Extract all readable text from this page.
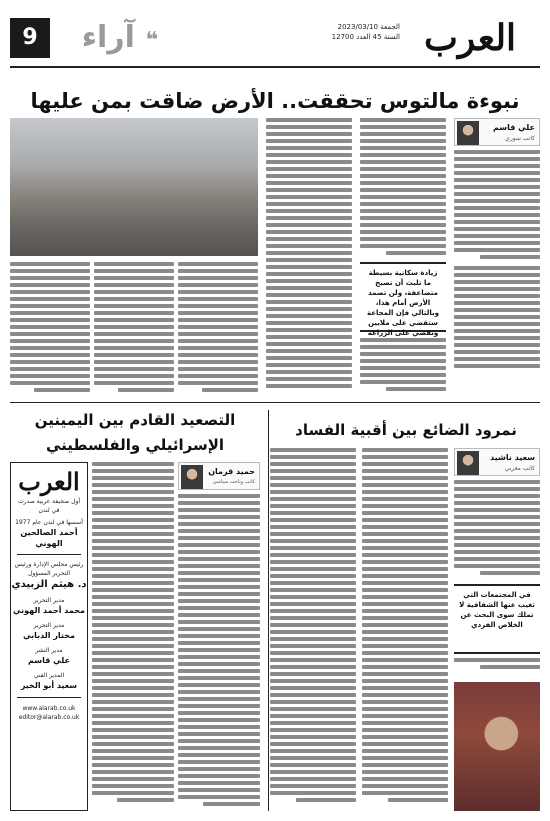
العرب
الجمعة 2023/03/10
السنة 45 العدد 12700
❝ آراء
9
نبوءة مالتوس تحققت.. الأرض ضاقت بمن عليها
علي قاسم
كاتب سوري
زيادة سكانية بسيطة ما تلبث أن تصبح متضاعفة، ولن تصمد الأرض أمام هذا، وبالتالي فإن المجاعة ستقضي على ملايين وتقضي على الزراعة
نمرود الضائع بين أقبية الفساد
سعيد ناشيد
كاتب مغربي
في المجتمعات التي تغيب عنها الشفافية لا تملك سوى البحث عن الخلاص الفردي
التصعيد القادم بين اليمينين الإسرائيلي والفلسطيني
حميد قرمان
كاتب وباحث سياسي
العرب
أول صحيفة عربية صدرت في لندن
أسسها في لندن عام 1977
أحمد الصالحين الهوني
رئيس مجلس الإدارة ورئيس التحرير المسؤول
د. هيثم الزبيدي
مدير التحرير
محمد أحمد الهوني
مدير التحرير
مختار الدبابي
مدير النشر
علي قاسم
المدير الفني
سعيد أبو الخير
www.alarab.co.uk
editor@alarab.co.uk
